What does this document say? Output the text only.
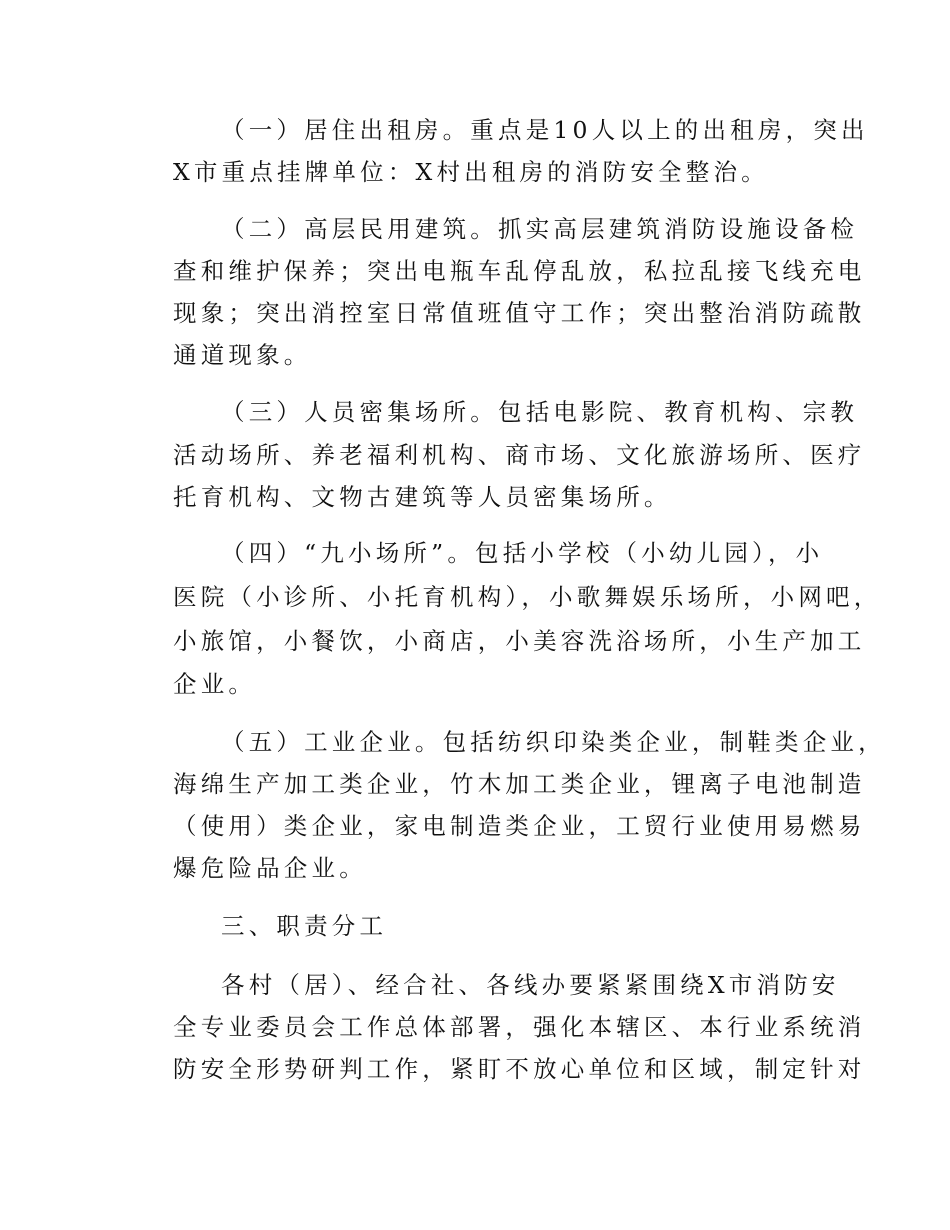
（一）居住出租房。重点是10人以上的出租房，突出
X市重点挂牌单位：X村出租房的消防安全整治。
（二）高层民用建筑。抓实高层建筑消防设施设备检
查和维护保养；突出电瓶车乱停乱放，私拉乱接飞线充电
现象；突出消控室日常值班值守工作；突出整治消防疏散
通道现象。
（三）人员密集场所。包括电影院、教育机构、宗教
活动场所、养老福利机构、商市场、文化旅游场所、医疗
托育机构、文物古建筑等人员密集场所。
（四）“九小场所”。包括小学校（小幼儿园），小
医院（小诊所、小托育机构），小歌舞娱乐场所，小网吧，
小旅馆，小餐饮，小商店，小美容洗浴场所，小生产加工
企业。
（五）工业企业。包括纺织印染类企业，制鞋类企业，
海绵生产加工类企业，竹木加工类企业，锂离子电池制造
（使用）类企业，家电制造类企业，工贸行业使用易燃易
爆危险品企业。
三、职责分工
各村（居）、经合社、各线办要紧紧围绕X市消防安
全专业委员会工作总体部署，强化本辖区、本行业系统消
防安全形势研判工作，紧盯不放心单位和区域，制定针对
